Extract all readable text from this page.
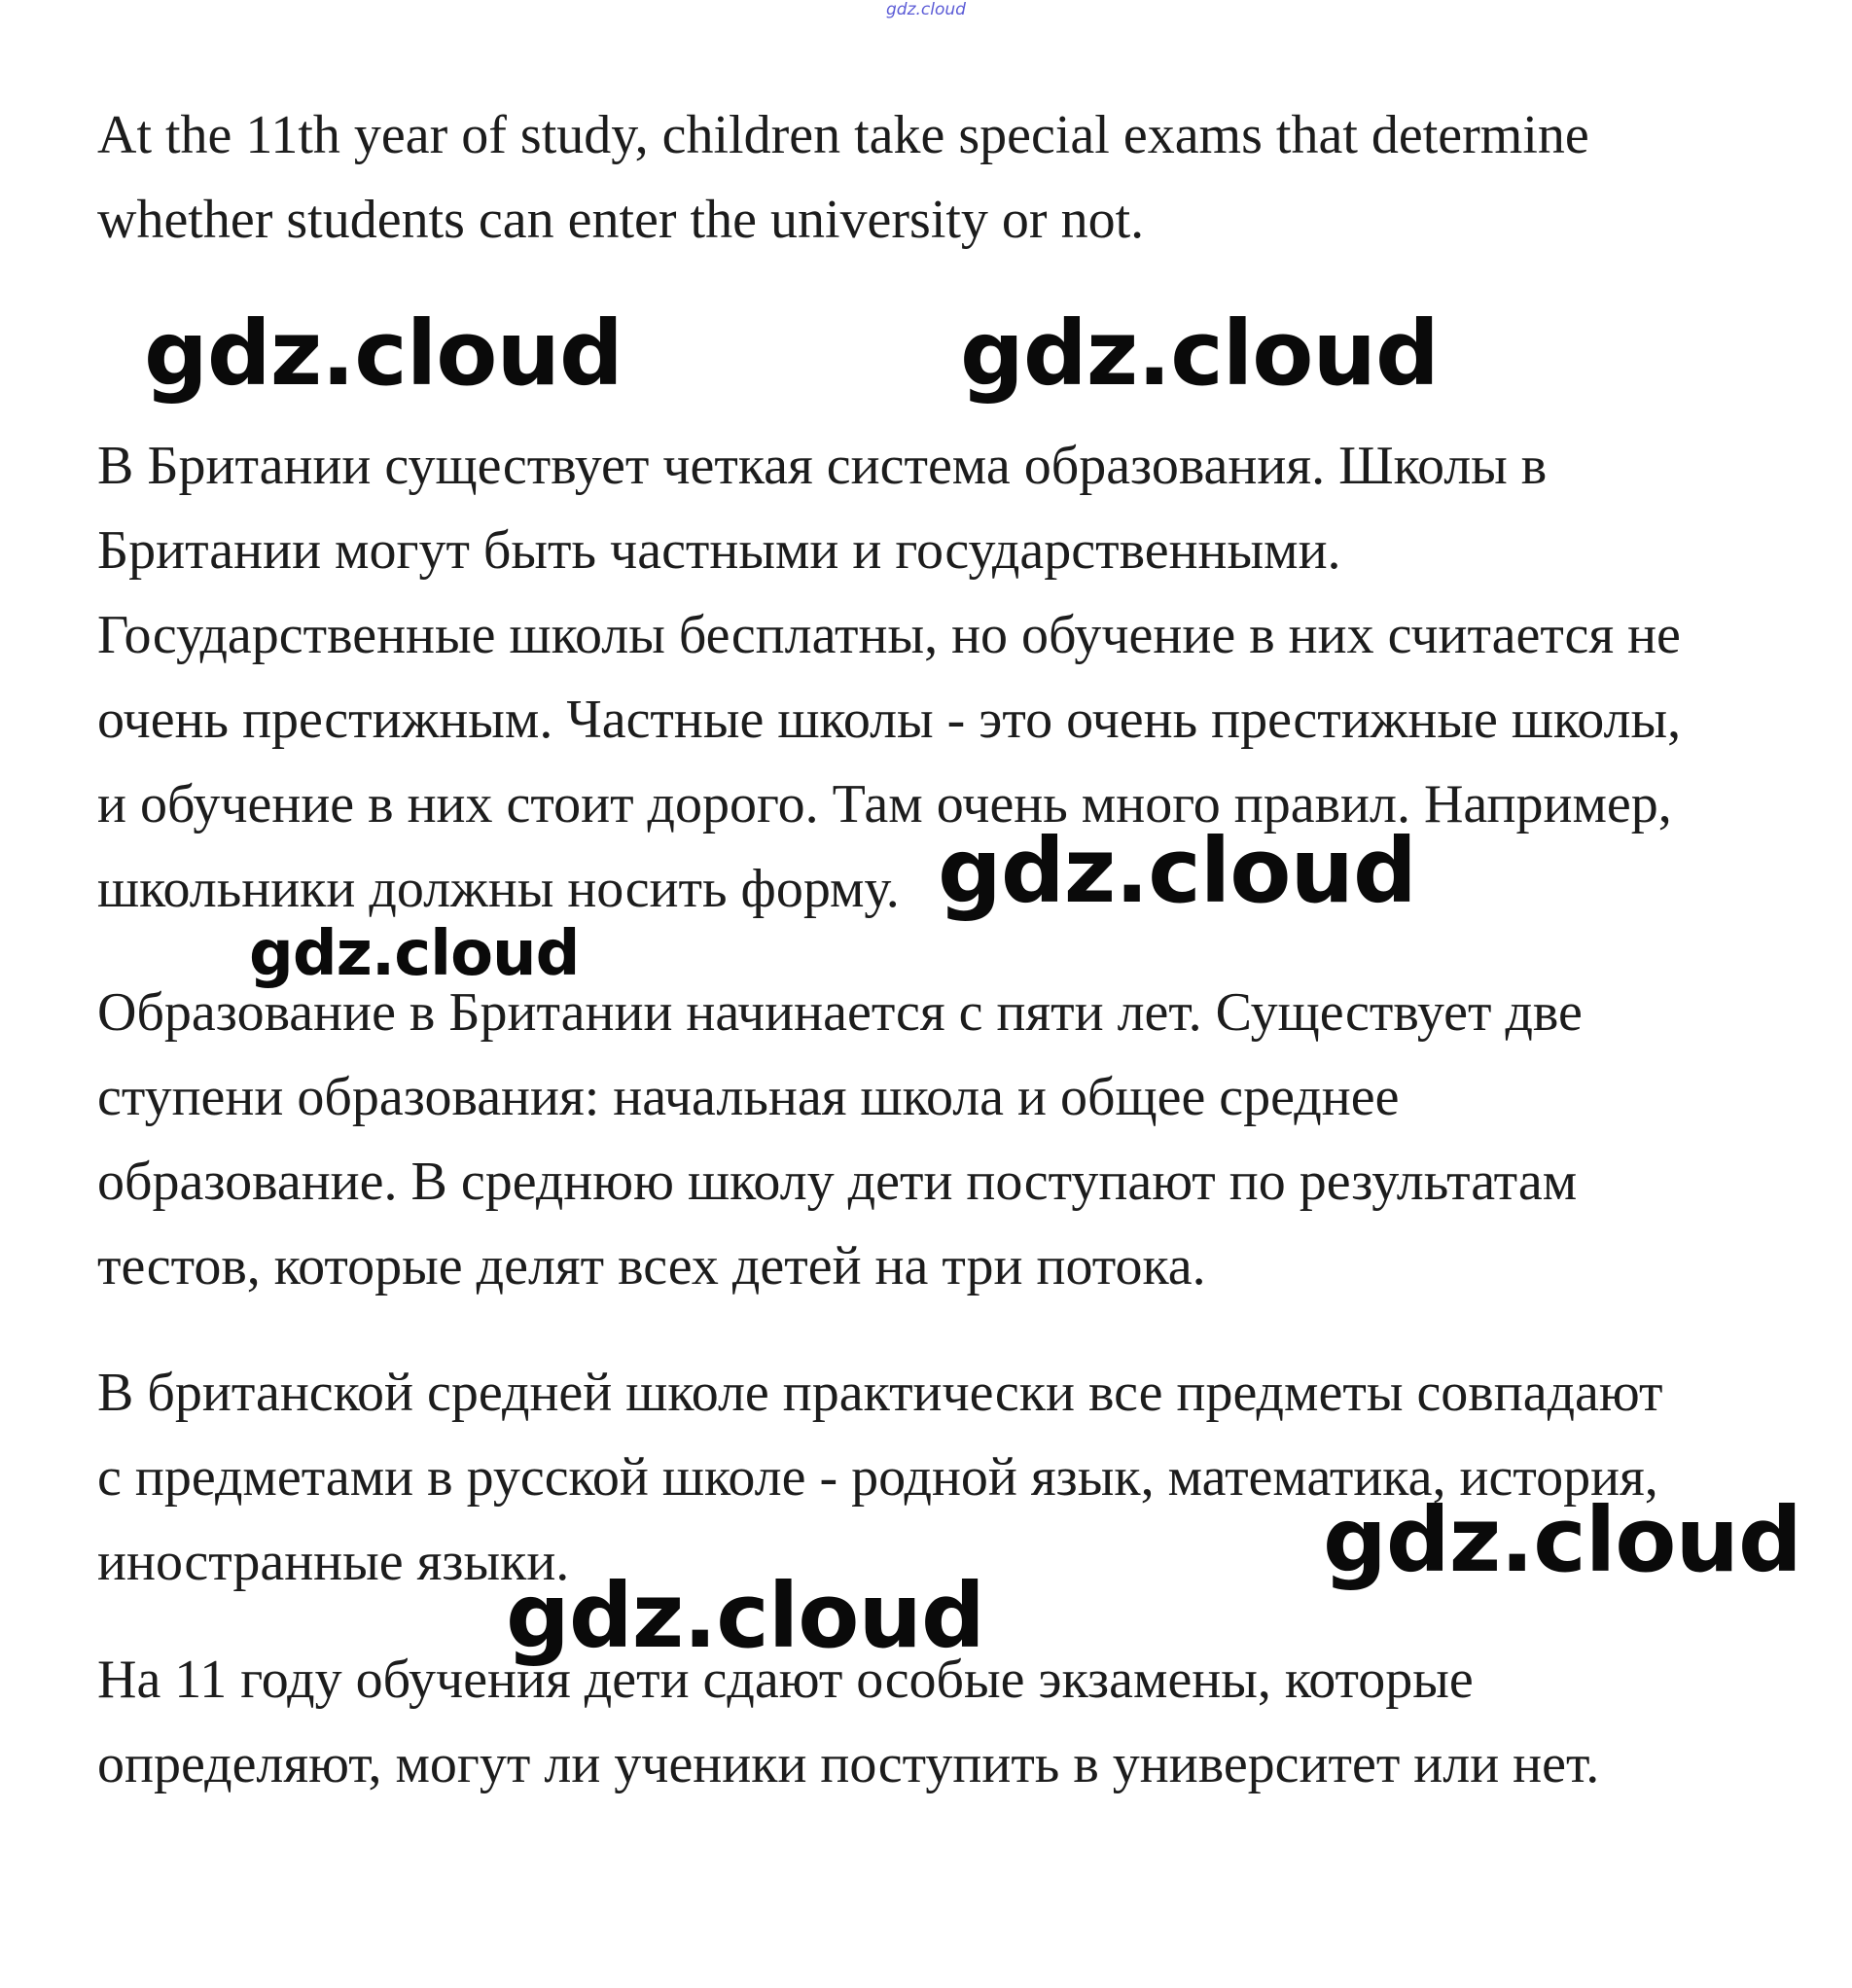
gdz.cloud

At the 11th year of study, children take special exams that determine
whether students can enter the university or not.

В Британии существует четкая система образования. Школы в
Британии могут быть частными и государственными.
Государственные школы бесплатны, но обучение в них считается не
очень престижным. Частные школы - это очень престижные школы,
и обучение в них стоит дорого. Там очень много правил. Например,
школьники должны носить форму.

Образование в Британии начинается с пяти лет. Существует две
ступени образования: начальная школа и общее среднее
образование. В среднюю школу дети поступают по результатам
тестов, которые делят всех детей на три потока.

В британской средней школе практически все предметы совпадают
с предметами в русской школе - родной язык, математика, история,
иностранные языки.

На 11 году обучения дети сдают особые экзамены, которые
определяют, могут ли ученики поступить в университет или нет.

gdz.cloud	gdz.cloud
gdz.cloud
gdz.cloud
gdz.cloud
gdz.cloud
